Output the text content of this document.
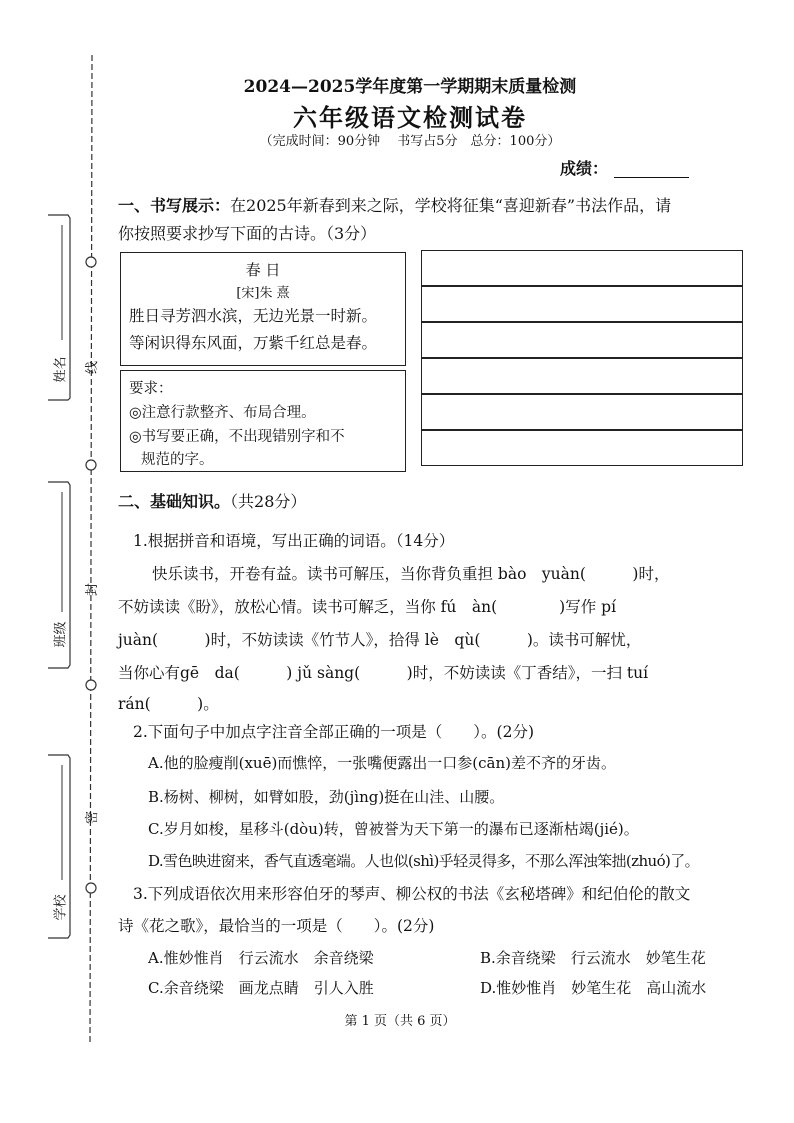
姓名
班级
学校
线
封
密
2024—2025学年度第一学期期末质量检测
六年级语文检测试卷
（完成时间：90分钟　 书写占5分　总分：100分）
成绩：
一、书写展示：在2025年新春到来之际，学校将征集“喜迎新春”书法作品，请
你按照要求抄写下面的古诗。（3分）
春 日
[宋]朱 熹
胜日寻芳泗水滨，无边光景一时新。
等闲识得东风面，万紫千红总是春。
要求：
◎注意行款整齐、布局合理。
◎书写要正确，不出现错别字和不
规范的字。
二、基础知识。（共28分）
1.根据拼音和语境，写出正确的词语。（14分）
快乐读书，开卷有益。读书可解压，当你背负重担 bào　yuàn(　　　)时，
不妨读读《盼》，放松心情。读书可解乏，当你 fú　àn(　　　　)写作 pí
juàn(　　　)时，不妨读读《竹节人》，拾得 lè　qù(　　　)。读书可解忧，
当你心有gē　da(　　　) jǔ sàng(　　　)时，不妨读读《丁香结》，一扫 tuí
rán(　　　)。
2.下面句子中加点字注音全部正确的一项是（　　）。(2分)
A.他的脸瘦削(xuē)而憔悴，一张嘴便露出一口参(cān)差不齐的牙齿。
B.杨树、柳树，如臂如股，劲(jìng)挺在山洼、山腰。
C.岁月如梭，星移斗(dòu)转，曾被誉为天下第一的瀑布已逐渐枯竭(jié)。
D.雪色映进窗来，香气直透毫端。人也似(shì)乎轻灵得多，不那么浑浊笨拙(zhuó)了。
3.下列成语依次用来形容伯牙的琴声、柳公权的书法《玄秘塔碑》和纪伯伦的散文
诗《花之歌》，最恰当的一项是（　　）。(2分)
A.惟妙惟肖　行云流水　余音绕梁	B.余音绕梁　行云流水　妙笔生花
C.余音绕梁　画龙点睛　引人入胜	D.惟妙惟肖　妙笔生花　高山流水
第 1 页（共 6 页）
